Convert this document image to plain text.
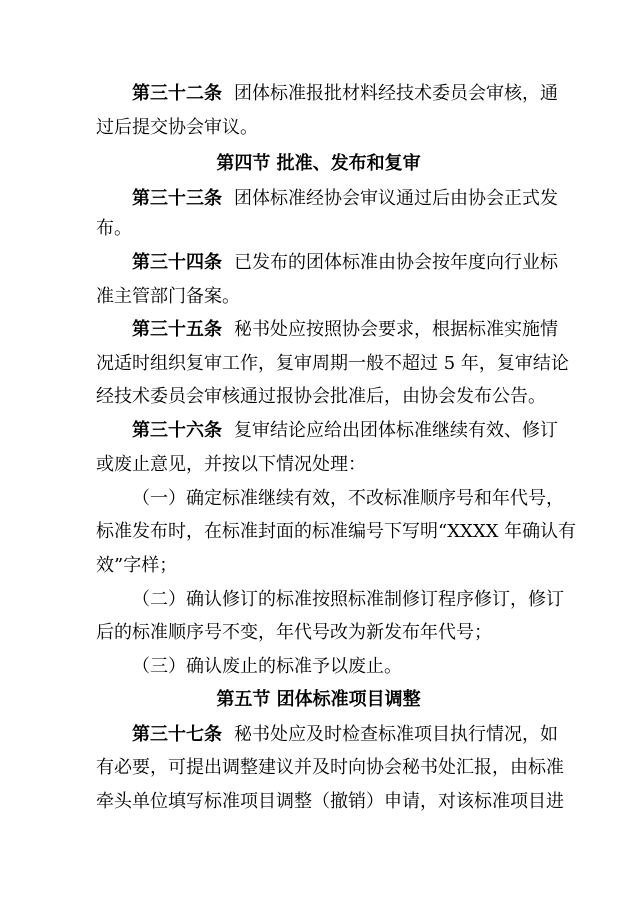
第三十二条 团体标准报批材料经技术委员会审核，通
过后提交协会审议。
第四节 批准、发布和复审
第三十三条 团体标准经协会审议通过后由协会正式发
布。
第三十四条 已发布的团体标准由协会按年度向行业标
准主管部门备案。
第三十五条 秘书处应按照协会要求，根据标准实施情
况适时组织复审工作，复审周期一般不超过 5 年，复审结论
经技术委员会审核通过报协会批准后，由协会发布公告。
第三十六条 复审结论应给出团体标准继续有效、修订
或废止意见，并按以下情况处理：
（一）确定标准继续有效，不改标准顺序号和年代号，
标准发布时，在标准封面的标准编号下写明“XXXX 年确认有
效”字样；
（二）确认修订的标准按照标准制修订程序修订，修订
后的标准顺序号不变，年代号改为新发布年代号；
（三）确认废止的标准予以废止。
第五节 团体标准项目调整
第三十七条 秘书处应及时检查标准项目执行情况，如
有必要，可提出调整建议并及时向协会秘书处汇报，由标准
牵头单位填写标准项目调整（撤销）申请，对该标准项目进
